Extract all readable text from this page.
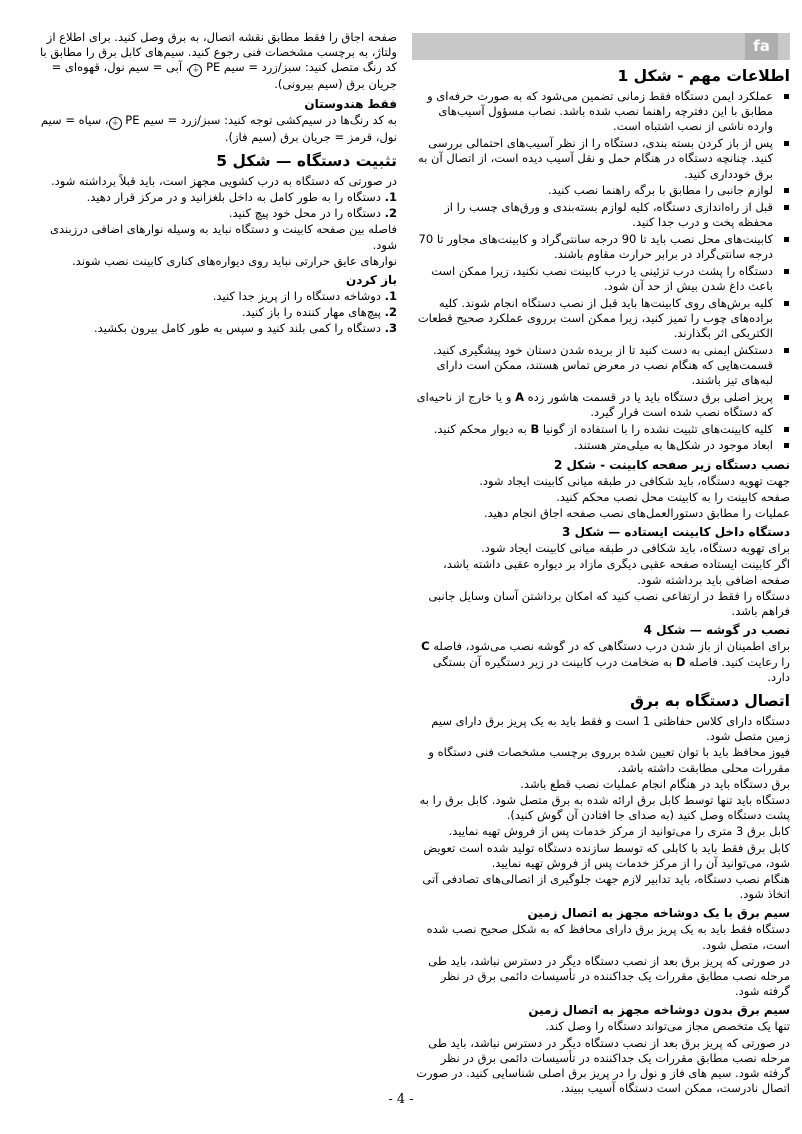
fa
اطلاعات مهم - شکل 1
عملکرد ایمن دستگاه فقط زمانی تضمین می‌شود که به صورت حرفه‌ای و مطابق با این دفترچه راهنما نصب شده باشد. نصاب مسؤول آسیب‌های وارده ناشی از نصب اشتباه است.
پس از باز کردن بسته بندی، دستگاه را از نظر آسیب‌های احتمالی بررسی کنید. چنانچه دستگاه در هنگام حمل و نقل آسیب دیده است، از اتصال آن به برق خودداری کنید.
لوازم جانبی را مطابق با برگه راهنما نصب کنید.
قبل از راه‌اندازی دستگاه، کلیه لوازم بسته‌بندی و ورق‌های چسب را از محفظه پخت و درب جدا کنید.
کابینت‌های محل نصب باید تا 90 درجه سانتی‌گراد و کابینت‌های مجاور تا 70 درجه سانتی‌گراد در برابر حرارت مقاوم باشند.
دستگاه را پشت درب تزئینی یا درب کابینت نصب نکنید، زیرا ممکن است باعث داغ شدن بیش از حد آن شود.
کلیه برش‌های روی کابینت‌ها باید قبل از نصب دستگاه انجام شوند. کلیه براده‌های چوب را تمیز کنید، زیرا ممکن است برروی عملکرد صحیح قطعات الکتریکی اثر بگذارند.
دستکش ایمنی به دست کنید تا از بریده شدن دستان خود پیشگیری کنید. قسمت‌هایی که هنگام نصب در معرض تماس هستند، ممکن است دارای لبه‌های تیز باشند.
پریز اصلی برق دستگاه باید یا در قسمت هاشور زده A و یا خارج از ناحیه‌ای که دستگاه نصب شده است قرار گیرد.
کلیه کابینت‌های تثبیت نشده را با استفاده از گونیا B به دیوار محکم کنید.
ابعاد موجود در شکل‌ها به میلی‌متر هستند.
نصب دستگاه زیر صفحه کابینت - شکل 2

جهت تهویه دستگاه، باید شکافی در طبقه میانی کابینت ایجاد شود.

صفحه کابینت را به کابینت محل نصب محکم کنید.

عملیات را مطابق دستورالعمل‌های نصب صفحه اجاق انجام دهید.

دستگاه داخل کابینت ایستاده — شکل 3

برای تهویه دستگاه، باید شکافی در طبقه میانی کابینت ایجاد شود.

اگر کابینت ایستاده صفحه عقبی دیگری مازاد بر دیواره عقبی داشته باشد، صفحه اضافی باید برداشته شود.

دستگاه را فقط در ارتفاعی نصب کنید که امکان برداشتن آسان وسایل جانبی فراهم باشد.

نصب در گوشه — شکل 4

برای اطمینان از باز شدن درب دستگاهی که در گوشه نصب می‌شود، فاصله C را رعایت کنید. فاصله D به ضخامت درب کابینت در زیر دستگیره آن بستگی دارد.

اتصال دستگاه به برق

دستگاه دارای کلاس حفاظتی 1 است و فقط باید به یک پریز برق دارای سیم زمین متصل شود.

فیوز محافظ باید با توان تعیین شده برروی برچسب مشخصات فنی دستگاه و مقررات محلی مطابقت داشته باشد.

برق دستگاه باید در هنگام انجام عملیات نصب قطع باشد.

دستگاه باید تنها توسط کابل برق ارائه شده به برق متصل شود. کابل برق را به پشت دستگاه وصل کنید (به صدای جا افتادن آن گوش کنید).

کابل برق 3 متری را می‌توانید از مرکز خدمات پس از فروش تهیه نمایید.

کابل برق فقط باید با کابلی که توسط سازنده دستگاه تولید شده است تعویض شود، می‌توانید آن را از مرکز خدمات پس از فروش تهیه نمایید.

هنگام نصب دستگاه، باید تدابیر لازم جهت جلوگیری از اتصالی‌های تصادفی آتی اتخاذ شود.

سیم برق با یک دوشاخه مجهز به اتصال زمین

دستگاه فقط باید به یک پریز برق دارای محافظ که به شکل صحیح نصب شده است، متصل شود.

در صورتی که پریز برق بعد از نصب دستگاه دیگر در دسترس نباشد، باید طی مرحله نصب مطابق مقررات یک جداکننده در تأسیسات دائمی برق در نظر گرفته شود.

سیم برق بدون دوشاخه مجهز به اتصال زمین

تنها یک متخصص مجاز می‌تواند دستگاه را وصل کند.

در صورتی که پریز برق بعد از نصب دستگاه دیگر در دسترس نباشد، باید طی مرحله نصب مطابق مقررات یک جداکننده در تأسیسات دائمی برق در نظر گرفته شود. سیم های فاز و نول را در پریز برق اصلی شناسایی کنید. در صورت اتصال نادرست، ممکن است دستگاه آسیب ببیند.

صفحه اجاق را فقط مطابق نقشه اتصال، به برق وصل کنید. برای اطلاع از ولتاژ، به برچسب مشخصات فنی رجوع کنید. سیم‌های کابل برق را مطابق با کد رنگ متصل کنید: سبز/زرد = سیم PE ⏚، آبی = سیم نول، قهوه‌ای = جریان برق (سیم بیرونی).

فقط هندوستان

به کد رنگ‌ها در سیم‌کشی توجه کنید: سبز/زرد = سیم PE ⏚، سیاه = سیم نول، قرمز = جریان برق (سیم فاز).

تثبیت دستگاه — شکل 5

در صورتی که دستگاه به درب کشویی مجهز است، باید قبلاً برداشته شود.

1. دستگاه را به طور کامل به داخل بلغزانید و در مرکز قرار دهید.

2. دستگاه را در محل خود پیچ کنید.

فاصله بین صفحه کابینت و دستگاه نباید به وسیله نوارهای اضافی درزبندی شود.

نوارهای عایق حرارتی نباید روی دیواره‌های کناری کابینت نصب شوند.

باز کردن

1. دوشاخه دستگاه را از پریز جدا کنید.

2. پیچ‌های مهار کننده را باز کنید.

3. دستگاه را کمی بلند کنید و سپس به طور کامل بیرون بکشید.

- 4 -
